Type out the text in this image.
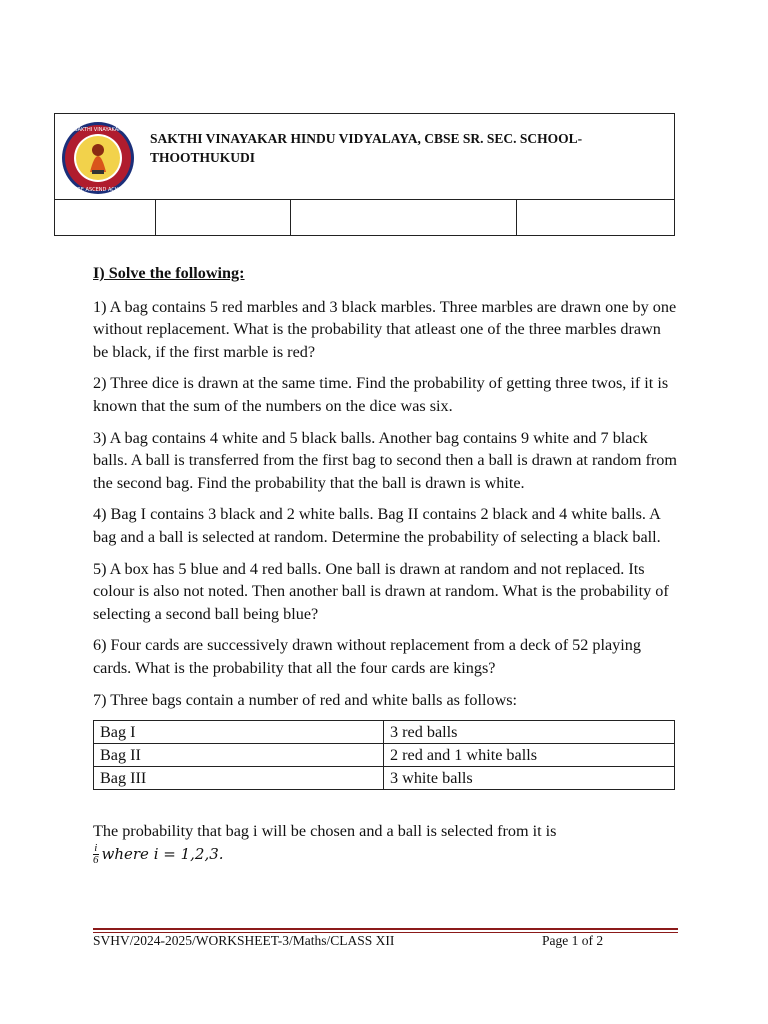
SAKTHI VINAYAKAR
ASPIRE ASCEND ACHIEVE
SAKTHI VINAYAKAR HINDU VIDYALAYA, CBSE SR. SEC. SCHOOL-THOOTHUKUDI
I) Solve the following:

1) A bag contains 5 red marbles and 3 black marbles. Three marbles are drawn one by one without replacement. What is the probability that atleast one of the three marbles drawn be black, if the first marble is red?

2) Three dice is drawn at the same time. Find the probability of getting three twos, if it is known that the sum of the numbers on the dice was six.

3) A bag contains 4 white and 5 black balls. Another bag contains 9 white and 7 black balls. A ball is transferred from the first bag to second then a ball is drawn at random from the second bag. Find the probability that the ball is drawn is white.

4) Bag I contains 3 black and 2 white balls. Bag II contains 2 black and 4 white balls. A bag and a ball is selected at random. Determine the probability of selecting a black ball.

5) A box has 5 blue and 4 red balls. One ball is drawn at random and not replaced. Its colour is also not noted. Then another ball is drawn at random. What is the probability of selecting a second ball being blue?

6) Four cards are successively drawn without replacement from a deck of 52 playing cards. What is the probability that all the four cards are kings?

7) Three bags contain a number of red and white balls as follows:

Bag I	3 red balls
Bag II	2 red and 1 white balls
Bag III	3 white balls
The probability that bag i will be chosen and a ball is selected from it is

$\frac{i}{6}$ where i = 1,2,3.
SVHV/2024-2025/WORKSHEET-3/Maths/CLASS XII	Page 1 of 2
